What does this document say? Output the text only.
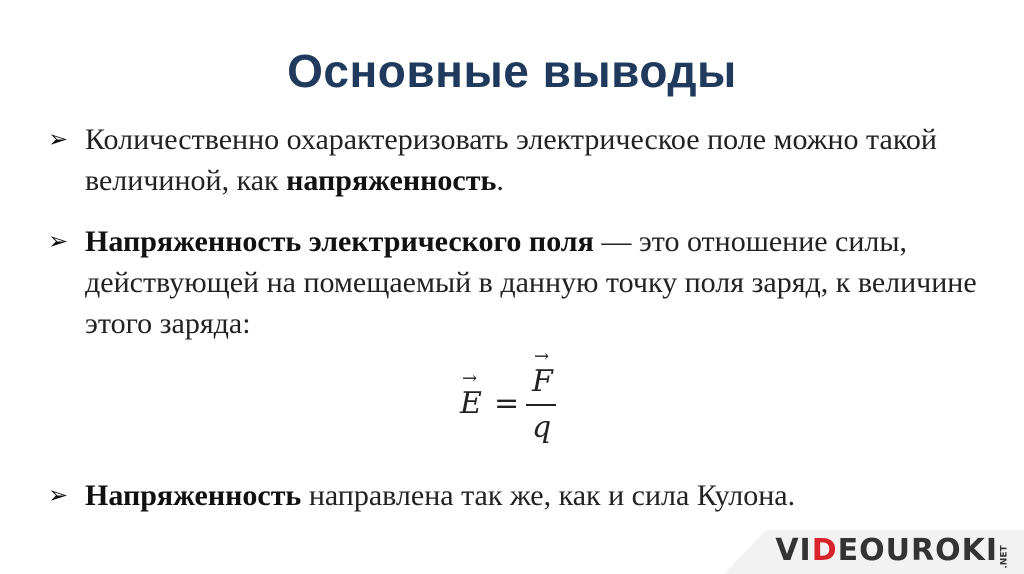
Основные выводы
➢ Количественно охарактеризовать электрическое поле можно такой величиной, как напряженность.
➢ Напряженность электрического поля — это отношение силы, действующей на помещаемый в данную точку поля заряд, к величине этого заряда:
→
E =
→
F
q
➢ Напряженность направлена так же, как и сила Кулона.
VIDEOUROKI .NET
